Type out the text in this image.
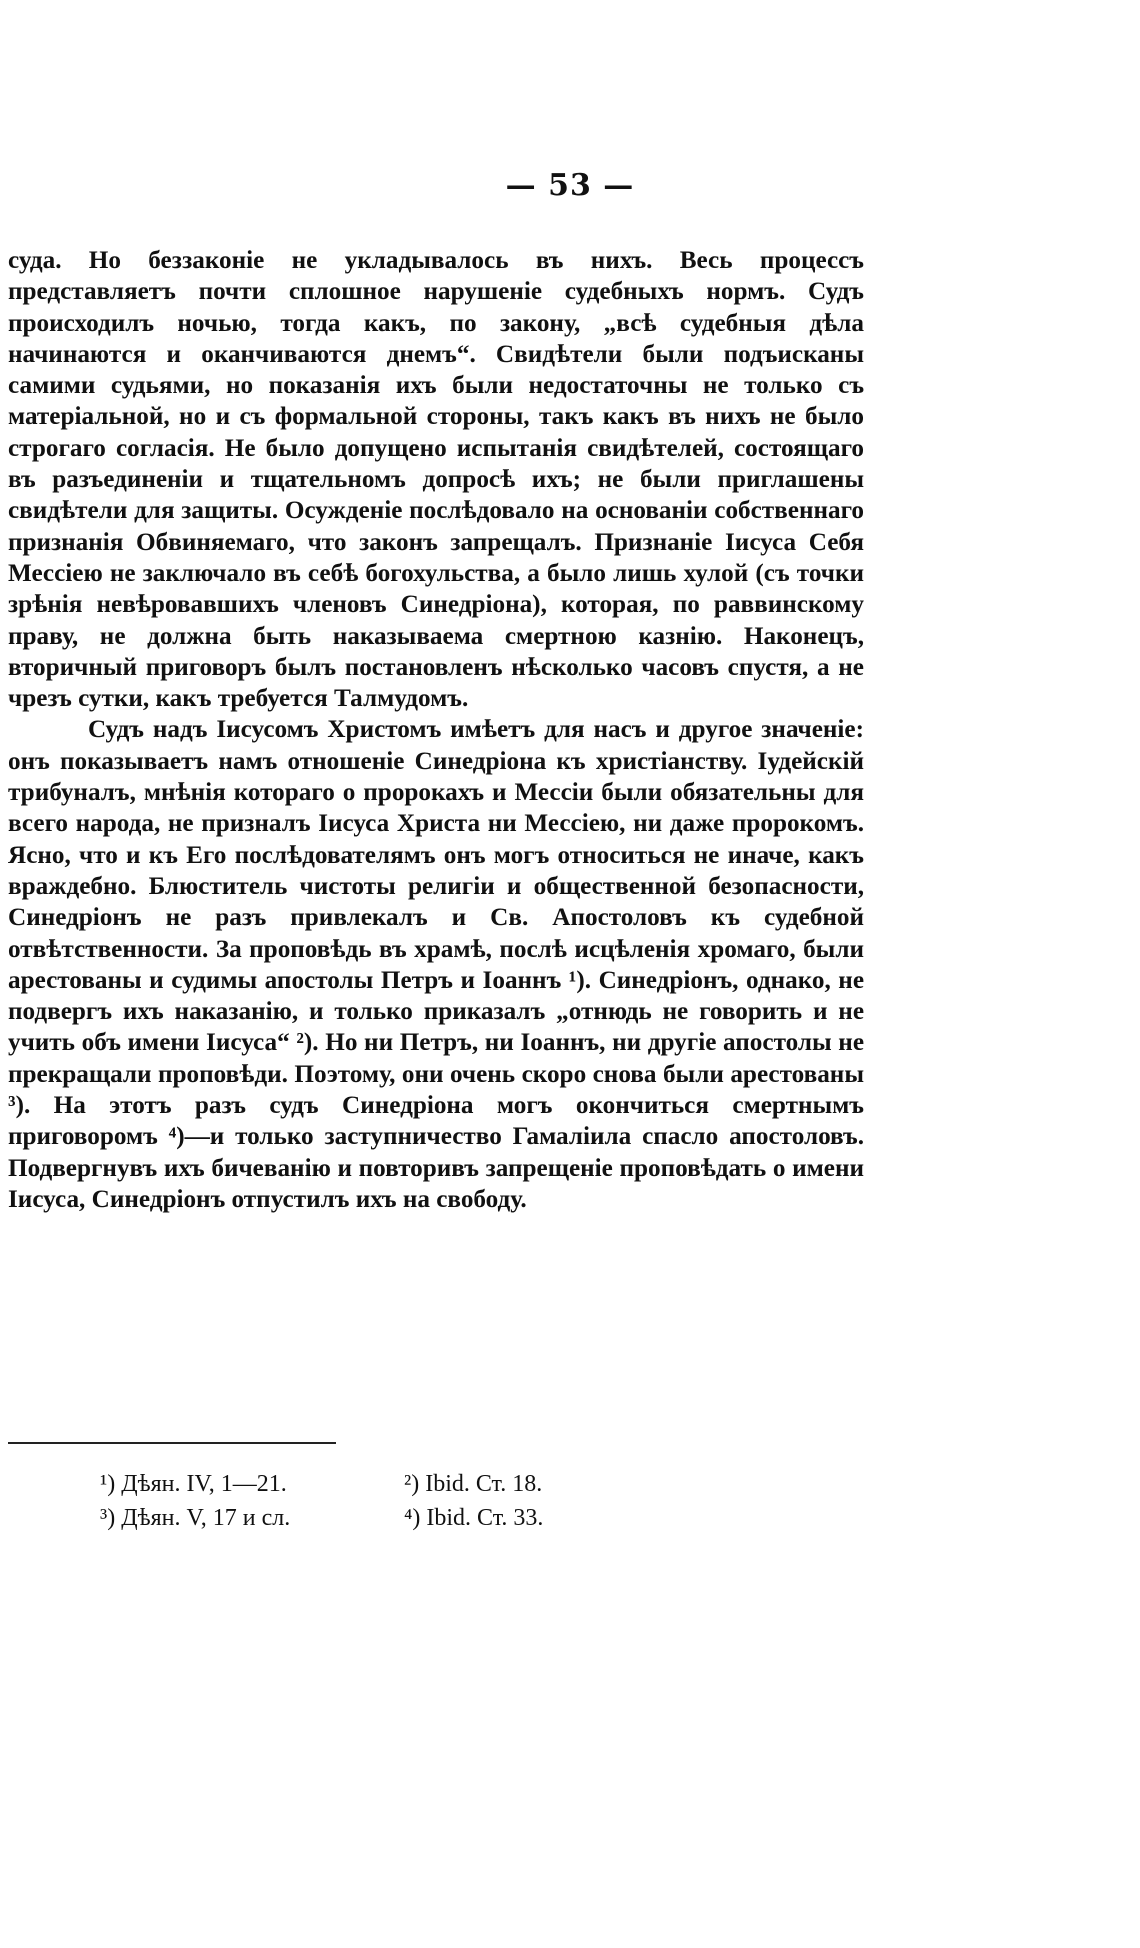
— 53 —

суда. Но беззаконіе не укладывалось въ нихъ. Весь процессъ представляетъ почти сплошное нарушеніе судебныхъ нормъ. Судъ происходилъ ночью, тогда какъ, по закону, „всѣ судебныя дѣла начинаются и оканчиваются днемъ“. Свидѣтели были подъисканы самими судьями, но показанія ихъ были недостаточны не только съ матеріальной, но и съ формальной стороны, такъ какъ въ нихъ не было строгаго согласія. Не было допущено испытанія свидѣтелей, состоящаго въ разъединеніи и тщательномъ допросѣ ихъ; не были приглашены свидѣтели для защиты. Осужденіе послѣдовало на основаніи собственнаго признанія Обвиняемаго, что законъ запрещалъ. Признаніе Іисуса Себя Мессіею не заключало въ себѣ богохульства, а было лишь хулой (съ точки зрѣнія невѣровавшихъ членовъ Синедріона), которая, по раввинскому праву, не должна быть наказываема смертною казнію. Наконецъ, вторичный приговоръ былъ постановленъ нѣсколько часовъ спустя, а не чрезъ сутки, какъ требуется Талмудомъ.

Судъ надъ Іисусомъ Христомъ имѣетъ для насъ и другое значеніе: онъ показываетъ намъ отношеніе Синедріона къ христіанству. Іудейскій трибуналъ, мнѣнія котораго о пророкахъ и Мессіи были обязательны для всего народа, не призналъ Іисуса Христа ни Мессіею, ни даже пророкомъ. Ясно, что и къ Его послѣдователямъ онъ могъ относиться не иначе, какъ враждебно. Блюститель чистоты религіи и общественной безопасности, Синедріонъ не разъ привлекалъ и Св. Апостоловъ къ судебной отвѣтственности. За проповѣдь въ храмѣ, послѣ исцѣленія хромаго, были арестованы и судимы апостолы Петръ и Іоаннъ ¹). Синедріонъ, однако, не подвергъ ихъ наказанію, и только приказалъ „отнюдь не говорить и не учить объ имени Іисуса“ ²). Но ни Петръ, ни Іоаннъ, ни другіе апостолы не прекращали проповѣди. Поэтому, они очень скоро снова были арестованы ³). На этотъ разъ судъ Синедріона могъ окончиться смертнымъ приговоромъ ⁴)—и только заступничество Гамаліила спасло апостоловъ. Подвергнувъ ихъ бичеванію и повторивъ запрещеніе проповѣдать о имени Іисуса, Синедріонъ отпустилъ ихъ на свободу.

¹) Дѣян. IV, 1—21.	²) Ibid. Ст. 18.
³) Дѣян. V, 17 и сл.	⁴) Ibid. Ст. 33.
